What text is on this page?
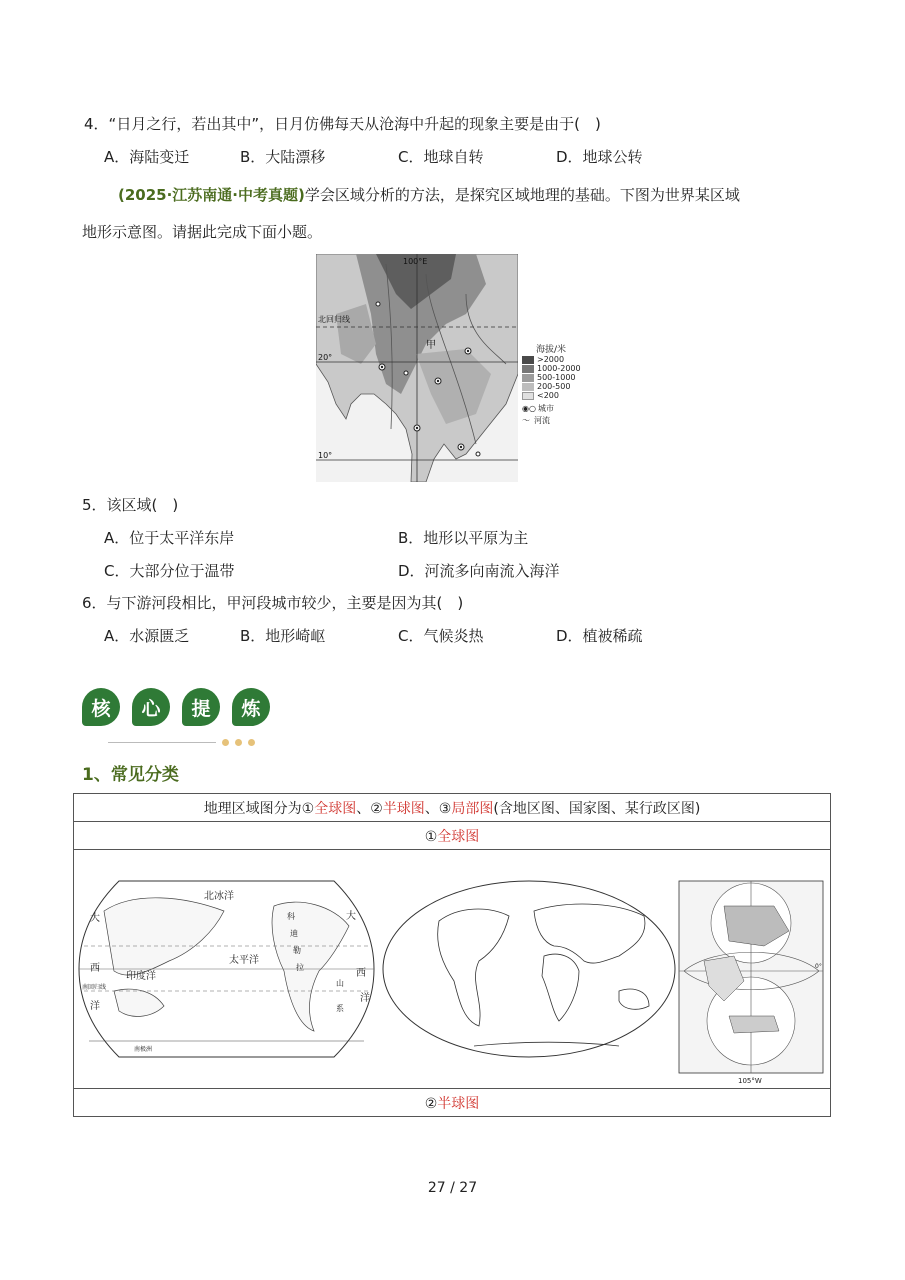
4．“日月之行，若出其中”，日月仿佛每天从沧海中升起的现象主要是由于(　)
A．海陆变迁	B．大陆漂移	C．地球自转	D．地球公转
(2025·江苏南通·中考真题)学会区域分析的方法，是探究区域地理的基础。下图为世界某区域
地形示意图。请据此完成下面小题。
100°E
北回归线
20°
10°
甲	海拔/米
>2000
1000-2000
500-1000
200-500
<200
◉○ 城市
〜 河流
5．该区域(　)
A．位于太平洋东岸	B．地形以平原为主
C．大部分位于温带	D．河流多向南流入海洋
6．与下游河段相比，甲河段城市较少，主要是因为其(　)
A．水源匮乏	B．地形崎岖	C．气候炎热	D．植被稀疏
核	心	提	炼
1、常见分类
地理区域图分为①全球图、②半球图、③局部图(含地区图、国家图、某行政区图)
①全球图

北冰洋
大
太平洋
印度洋
西
洋
大
西
洋
科
迪
勒
拉
山
系
南回归线
南极洲
0°
105°W

②半球图
27 / 27
